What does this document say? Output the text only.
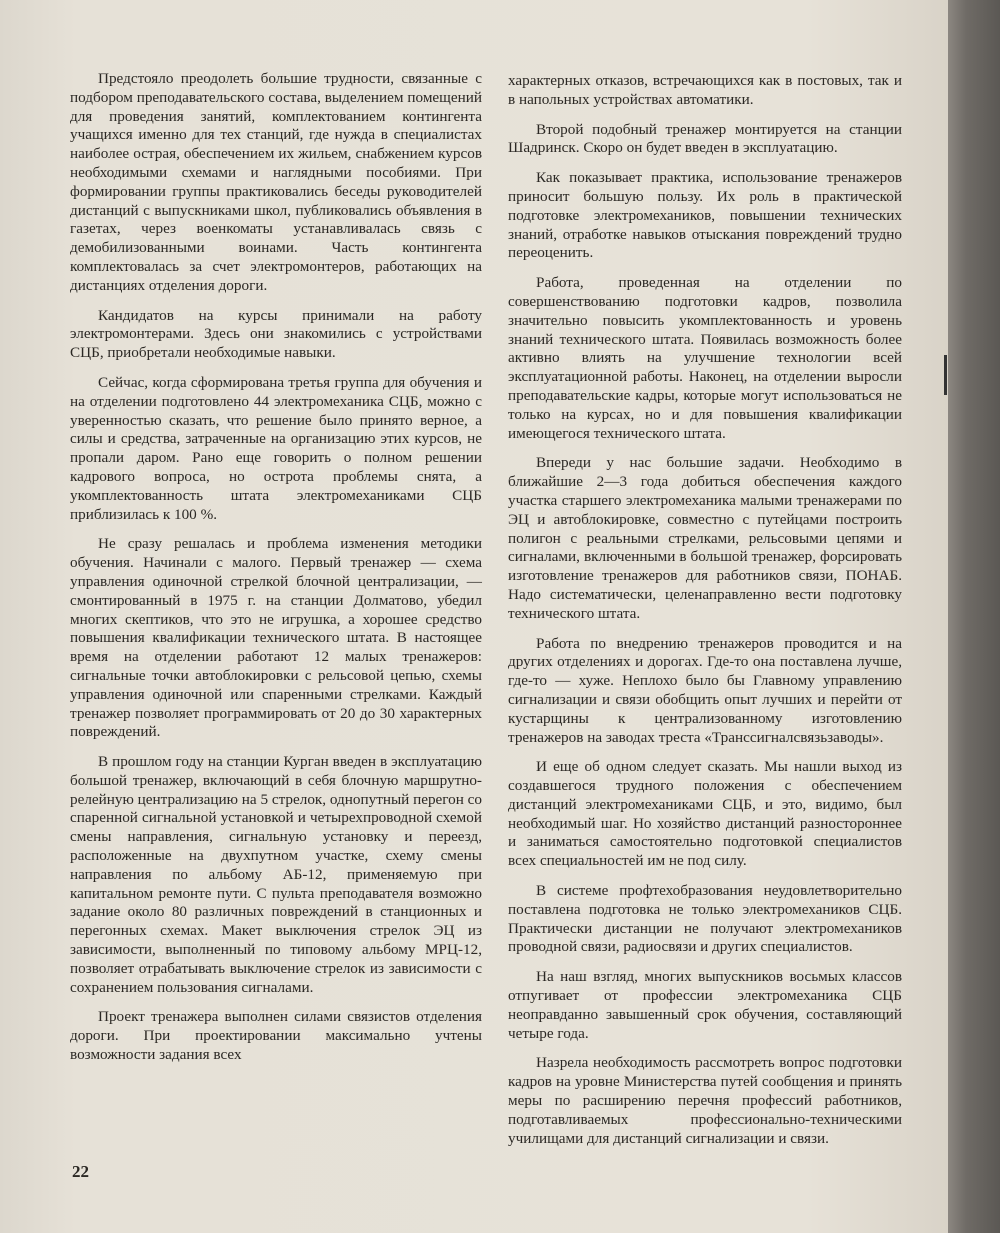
Предстояло преодолеть большие трудности, связанные с подбором преподавательского состава, выделением помещений для проведения занятий, комплектованием контингента учащихся именно для тех станций, где нужда в специалистах наиболее острая, обеспечением их жильем, снабжением курсов необходимыми схемами и наглядными пособиями. При формировании группы практиковались беседы руководителей дистанций с выпускниками школ, публиковались объявления в газетах, через военкоматы устанавливалась связь с демобилизованными воинами. Часть контингента комплектовалась за счет электромонтеров, работающих на дистанциях отделения дороги.

Кандидатов на курсы принимали на работу электромонтерами. Здесь они знакомились с устройствами СЦБ, приобретали необходимые навыки.

Сейчас, когда сформирована третья группа для обучения и на отделении подготовлено 44 электромеханика СЦБ, можно с уверенностью сказать, что решение было принято верное, а силы и средства, затраченные на организацию этих курсов, не пропали даром. Рано еще говорить о полном решении кадрового вопроса, но острота проблемы снята, а укомплектованность штата электромеханиками СЦБ приблизилась к 100 %.

Не сразу решалась и проблема изменения методики обучения. Начинали с малого. Первый тренажер — схема управления одиночной стрелкой блочной централизации, — смонтированный в 1975 г. на станции Долматово, убедил многих скептиков, что это не игрушка, а хорошее средство повышения квалификации технического штата. В настоящее время на отделении работают 12 малых тренажеров: сигнальные точки автоблокировки с рельсовой цепью, схемы управления одиночной или спаренными стрелками. Каждый тренажер позволяет программировать от 20 до 30 характерных повреждений.

В прошлом году на станции Курган введен в эксплуатацию большой тренажер, включающий в себя блочную маршрутно-релейную централизацию на 5 стрелок, однопутный перегон со спаренной сигнальной установкой и четырехпроводной схемой смены направления, сигнальную установку и переезд, расположенные на двухпутном участке, схему смены направления по альбому АБ-12, применяемую при капитальном ремонте пути. С пульта преподавателя возможно задание около 80 различных повреждений в станционных и перегонных схемах. Макет выключения стрелок ЭЦ из зависимости, выполненный по типовому альбому МРЦ-12, позволяет отрабатывать выключение стрелок из зависимости с сохранением пользования сигналами.

Проект тренажера выполнен силами связистов отделения дороги. При проектировании максимально учтены возможности задания всех

характерных отказов, встречающихся как в постовых, так и в напольных устройствах автоматики.

Второй подобный тренажер монтируется на станции Шадринск. Скоро он будет введен в эксплуатацию.

Как показывает практика, использование тренажеров приносит большую пользу. Их роль в практической подготовке электромехаников, повышении технических знаний, отработке навыков отыскания повреждений трудно переоценить.

Работа, проведенная на отделении по совершенствованию подготовки кадров, позволила значительно повысить укомплектованность и уровень знаний технического штата. Появилась возможность более активно влиять на улучшение технологии всей эксплуатационной работы. Наконец, на отделении выросли преподавательские кадры, которые могут использоваться не только на курсах, но и для повышения квалификации имеющегося технического штата.

Впереди у нас большие задачи. Необходимо в ближайшие 2—3 года добиться обеспечения каждого участка старшего электромеханика малыми тренажерами по ЭЦ и автоблокировке, совместно с путейцами построить полигон с реальными стрелками, рельсовыми цепями и сигналами, включенными в большой тренажер, форсировать изготовление тренажеров для работников связи, ПОНАБ. Надо систематически, целенаправленно вести подготовку технического штата.

Работа по внедрению тренажеров проводится и на других отделениях и дорогах. Где-то она поставлена лучше, где-то — хуже. Неплохо было бы Главному управлению сигнализации и связи обобщить опыт лучших и перейти от кустарщины к централизованному изготовлению тренажеров на заводах треста «Транссигналсвязьзаводы».

И еще об одном следует сказать. Мы нашли выход из создавшегося трудного положения с обеспечением дистанций электромеханиками СЦБ, и это, видимо, был необходимый шаг. Но хозяйство дистанций разностороннее и заниматься самостоятельно подготовкой специалистов всех специальностей им не под силу.

В системе профтехобразования неудовлетворительно поставлена подготовка не только электромехаников СЦБ. Практически дистанции не получают электромехаников проводной связи, радиосвязи и других специалистов.

На наш взгляд, многих выпускников восьмых классов отпугивает от профессии электромеханика СЦБ неоправданно завышенный срок обучения, составляющий четыре года.

Назрела необходимость рассмотреть вопрос подготовки кадров на уровне Министерства путей сообщения и принять меры по расширению перечня профессий работников, подготавливаемых профессионально-техническими училищами для дистанций сигнализации и связи.

22
